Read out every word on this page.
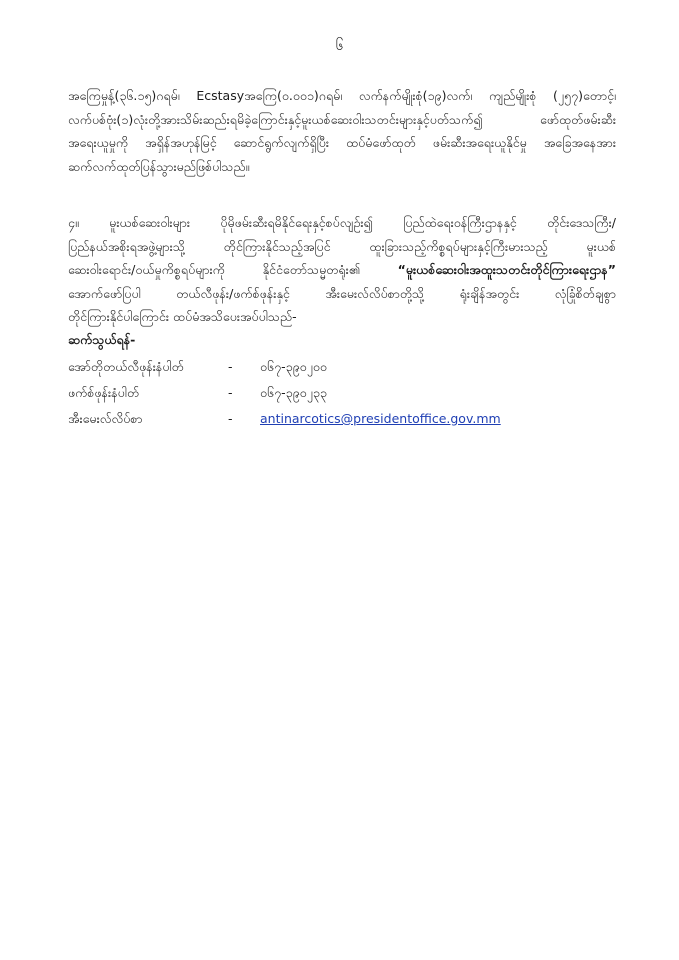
၆

အကြေမှုန့်(၃၆.၁၅)ဂရမ်၊ Ecstasyအကြေ(၀.၀၀၁)ဂရမ်၊ လက်နက်မျိုးစုံ(၁၉)လက်၊ ကျည်မျိုးစုံ (၂၅၇)တောင့်၊
လက်ပစ်ဗုံး(၁)လုံးတို့အားသိမ်းဆည်းရမိခဲ့ကြောင်းနှင့်မူးယစ်ဆေးဝါးသတင်းများနှင့်ပတ်သက်၍ ဖော်ထုတ်ဖမ်းဆီး
အရေးယူမှုကို အရှိန်အဟုန်မြင့် ဆောင်ရွက်လျက်ရှိပြီး ထပ်မံဖော်ထုတ် ဖမ်းဆီးအရေးယူနိုင်မှု အခြေအနေအား
ဆက်လက်ထုတ်ပြန်သွားမည်ဖြစ်ပါသည်။

၄။ မူးယစ်ဆေးဝါးများ ပိုမိုဖမ်းဆီးရမိနိုင်ရေးနှင့်စပ်လျဉ်း၍ ပြည်ထဲရေးဝန်ကြီးဌာနနှင့် တိုင်းဒေသကြီး/
ပြည်နယ်အစိုးရအဖွဲ့များသို့ တိုင်ကြားနိုင်သည့်အပြင် ထူးခြားသည့်ကိစ္စရပ်များနှင့်ကြီးမားသည့် မူးယစ်
ဆေးဝါးရောင်း/ဝယ်မှုကိစ္စရပ်များကို နိုင်ငံတော်သမ္မတရုံး၏ “မူးယစ်ဆေးဝါးအထူးသတင်းတိုင်ကြားရေးဌာန”
အောက်ဖော်ပြပါ တယ်လီဖုန်း/ဖက်စ်ဖုန်းနှင့် အီးမေးလ်လိပ်စာတို့သို့ ရုံးချိန်အတွင်း လုံခြုံစိတ်ချစွာ
တိုင်ကြားနိုင်ပါကြောင်း ထပ်မံအသိပေးအပ်ပါသည်-

ဆက်သွယ်ရန်-
အော်တိုတယ်လီဖုန်းနံပါတ်	- ၀၆၇-၃၉၀၂၀၀
ဖက်စ်ဖုန်းနံပါတ်	- ၀၆၇-၃၉၀၂၃၃
အီးမေးလ်လိပ်စာ	- antinarcotics@presidentoffice.gov.mm
